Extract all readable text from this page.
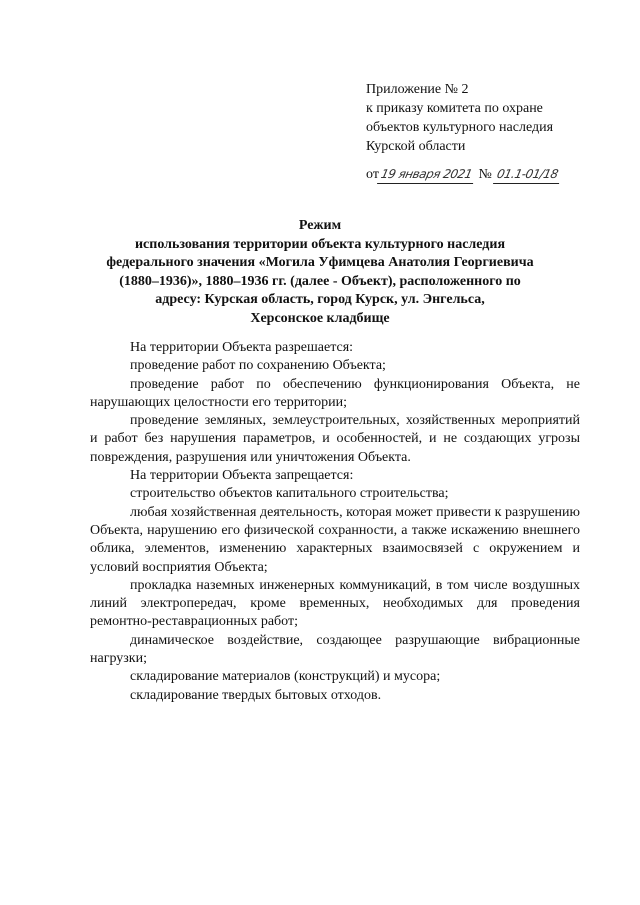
Приложение № 2
к приказу комитета по охране
объектов культурного наследия
Курской области
от19 января 2021 № 01.1-01/18
Режим
использования территории объекта культурного наследия
федерального значения «Могила Уфимцева Анатолия Георгиевича
(1880–1936)», 1880–1936 гг. (далее - Объект), расположенного по
адресу: Курская область, город Курск, ул. Энгельса,
Херсонское кладбище

На территории Объекта разрешается:

проведение работ по сохранению Объекта;

проведение работ по обеспечению функционирования Объекта, не нарушающих целостности его территории;

проведение земляных, землеустроительных, хозяйственных мероприятий и работ без нарушения параметров, и особенностей, и не создающих угрозы повреждения, разрушения или уничтожения Объекта.

На территории Объекта запрещается:

строительство объектов капитального строительства;

любая хозяйственная деятельность, которая может привести к разрушению Объекта, нарушению его физической сохранности, а также искажению внешнего облика, элементов, изменению характерных взаимосвязей с окружением и условий восприятия Объекта;

прокладка наземных инженерных коммуникаций, в том числе воздушных линий электропередач, кроме временных, необходимых для проведения ремонтно-реставрационных работ;

динамическое воздействие, создающее разрушающие вибрационные нагрузки;

складирование материалов (конструкций) и мусора;

складирование твердых бытовых отходов.
